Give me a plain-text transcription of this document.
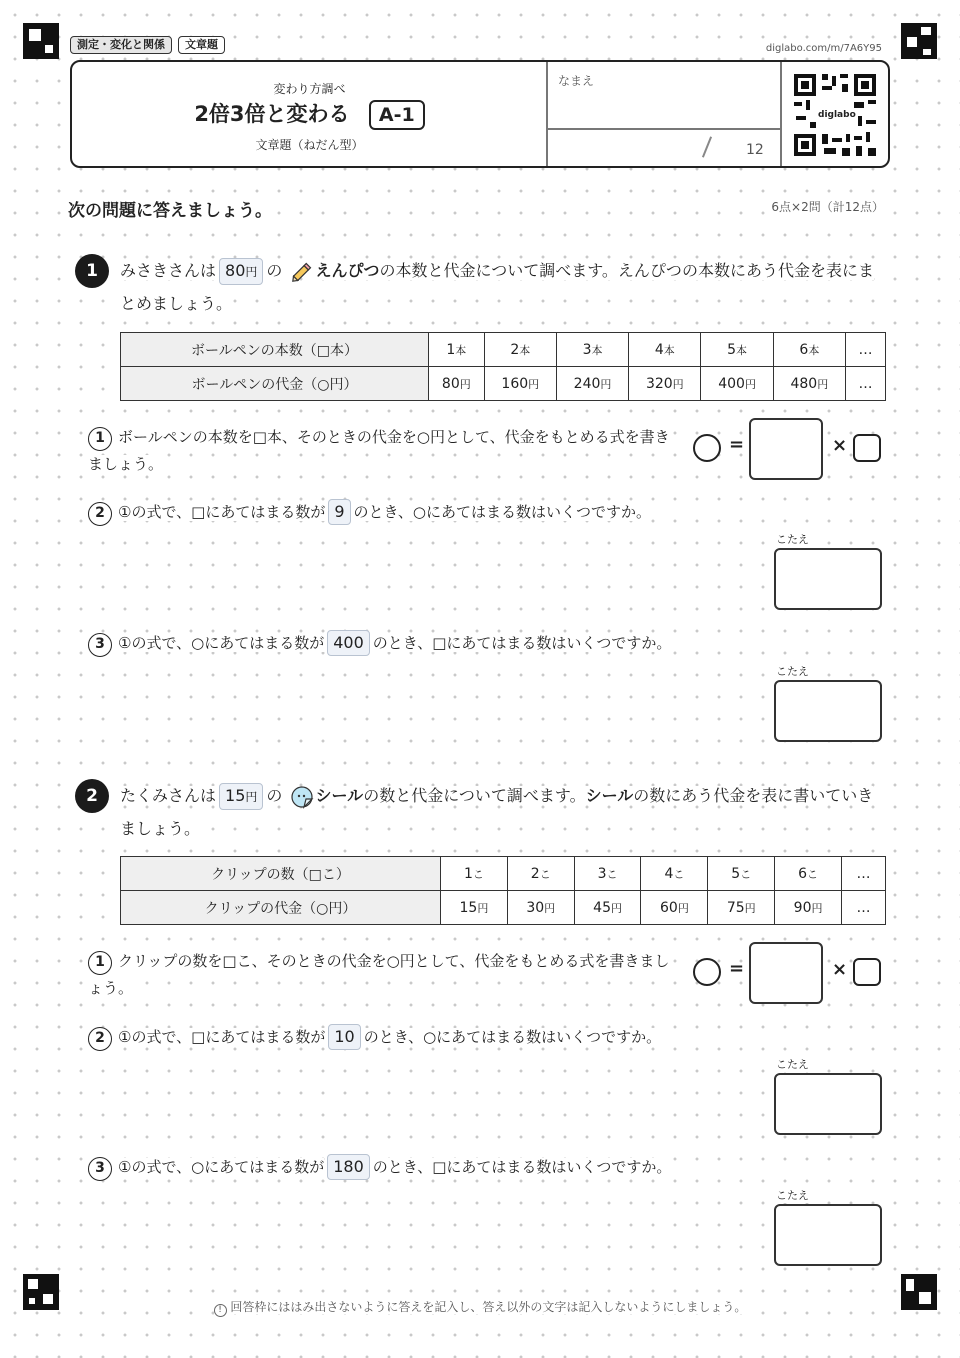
測定・変化と関係	文章題	diglabo.com/m/7A6Y95
変わり方調べ
2倍3倍と変わる A-1
文章題（ねだん型）
なまえ
12
diglabo
次の問題に答えましょう。	6点×2問（計12点）
1	みさきさんは 80円 の えんぴつの本数と代金について調べます。えんぴつの本数にあう代金を表にまとめましょう。
ボールペンの本数（□本）	1本	2本	3本	4本	5本	6本	…
ボールペンの代金（○円）	80円	160円	240円	320円	400円	480円	…
1 ボールペンの本数を□本、そのときの代金を○円として、代金をもとめる式を書きましょう。
=	×
2 ①の式で、□にあてはまる数が 9 のとき、○にあてはまる数はいくつですか。
こたえ
3 ①の式で、○にあてはまる数が 400 のとき、□にあてはまる数はいくつですか。
こたえ
2	たくみさんは 15円 の シールの数と代金について調べます。シールの数にあう代金を表に書いていきましょう。
クリップの数（□こ）	1こ	2こ	3こ	4こ	5こ	6こ	…
クリップの代金（○円）	15円	30円	45円	60円	75円	90円	…
1 クリップの数を□こ、そのときの代金を○円として、代金をもとめる式を書きましょう。
=	×
2 ①の式で、□にあてはまる数が 10 のとき、○にあてはまる数はいくつですか。
こたえ
3 ①の式で、○にあてはまる数が 180 のとき、□にあてはまる数はいくつですか。
こたえ
! 回答枠にははみ出さないように答えを記入し、答え以外の文字は記入しないようにしましょう。
